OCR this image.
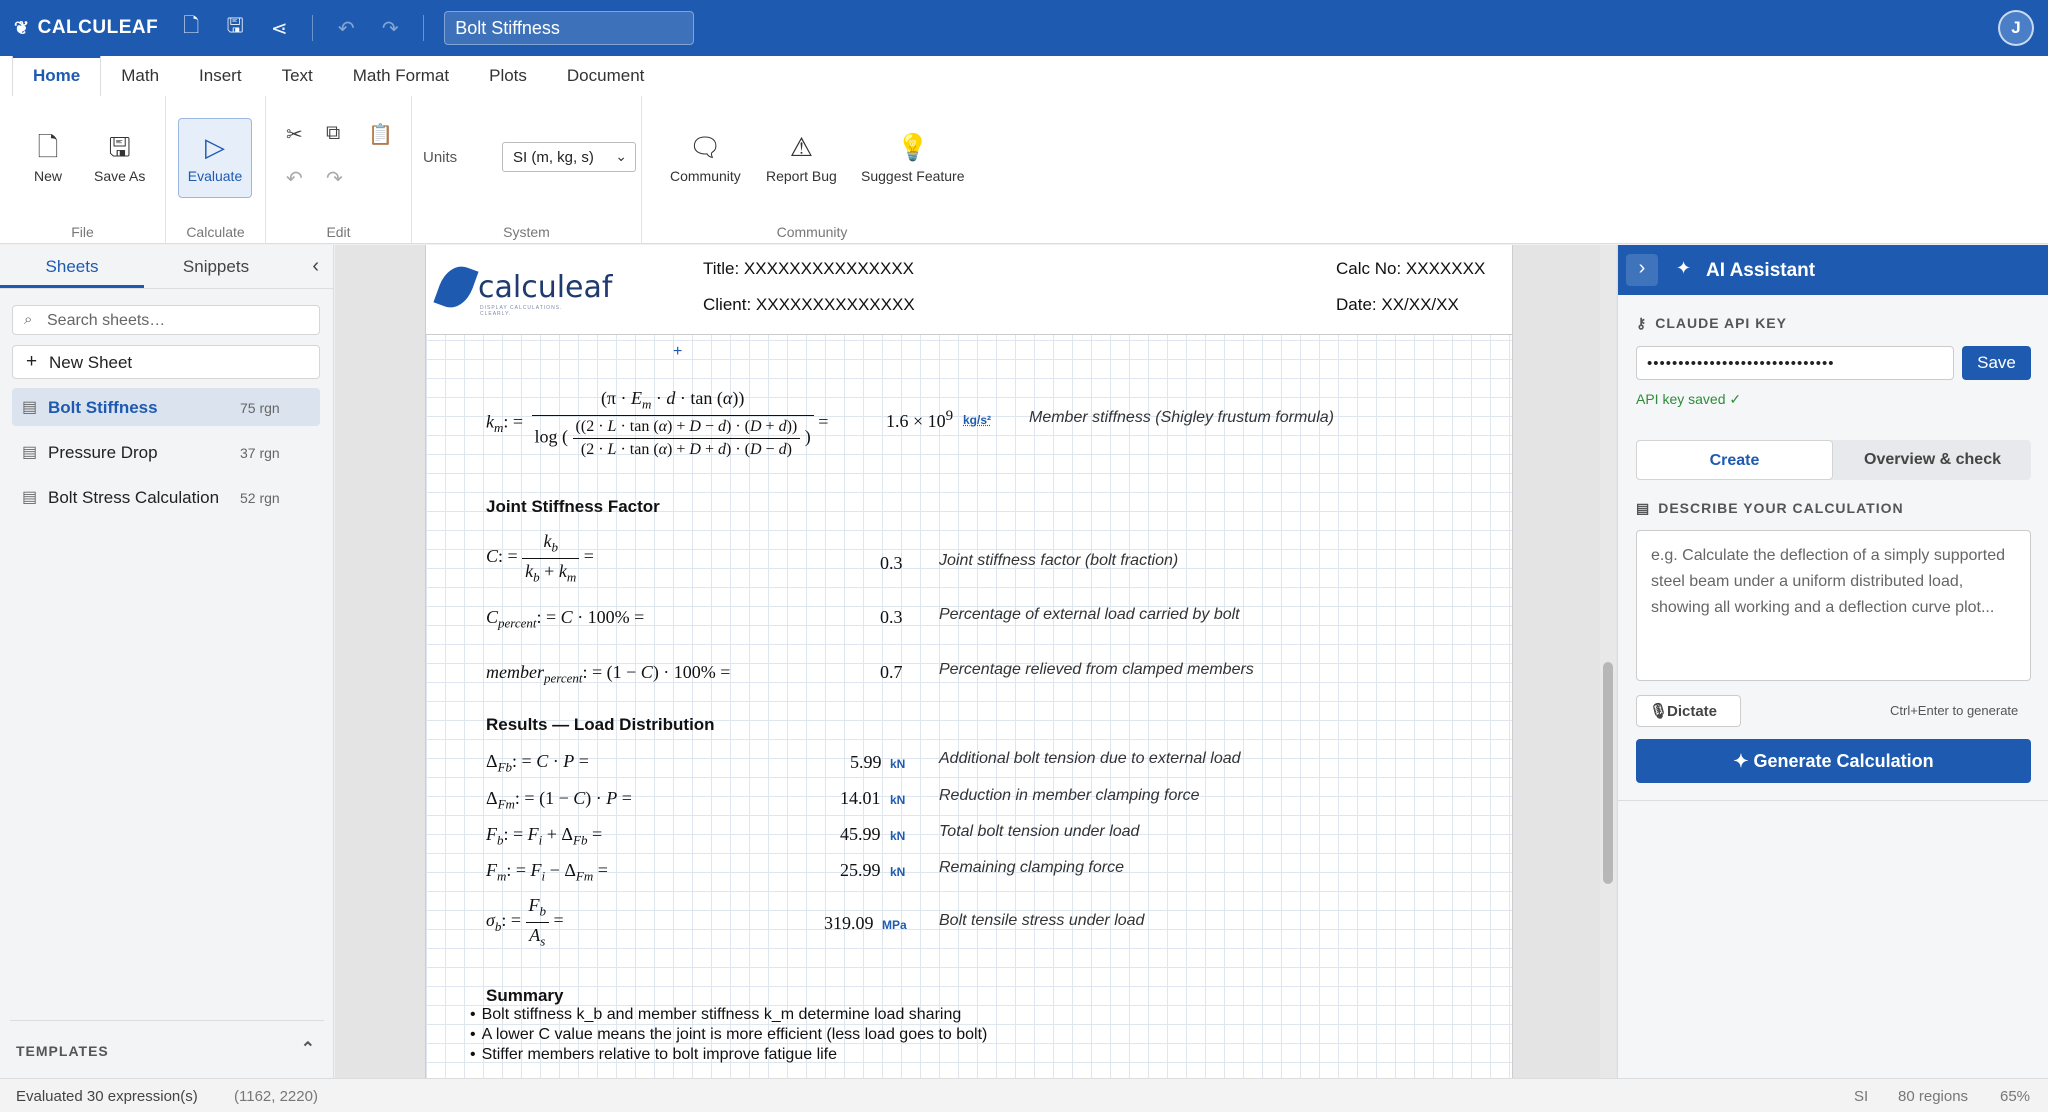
❦ CALCULEAF 🗋 🖫 ⋖	↶ ↷	Bolt Stiffness	J
Home	Math	Insert	Text	Math Format	Plots	Document
🗋
New
🖫
Save As
File
▷
Evaluate
Calculate
✂ ⧉ 📋
↶ ↷
Edit
Units	SI (m, kg, s) ⌄
System
🗨
Community
⚠
Report Bug
💡
Suggest Feature
Community
Sheets	Snippets	‹
⌕ Search sheets…
+ New Sheet
▤ Bolt Stiffness	75 rgn
▤ Pressure Drop	37 rgn
▤ Bolt Stress Calculation 52 rgn
TEMPLATES	⌃
calculeaf
DISPLAY CALCULATIONS. CLEARLY.
Title: XXXXXXXXXXXXXXX
Client: XXXXXXXXXXXXXX
Calc No: XXXXXXX
Date: XX/XX/XX
+
$k_m$: =
$(\pi \cdot E_m \cdot d \cdot \tan (\alpha))$
log ( $\frac{((2 \cdot L \cdot \tan (\alpha) + D - d) \cdot (D + d))}{(2 \cdot L \cdot \tan (\alpha) + D + d) \cdot (D - d)}$ )
=	$1.6 \times 10^9$ kg/s² Member stiffness (Shigley frustum formula)
Joint Stiffness Factor
C: = $\frac{k_b}{k_b + k_m}$ =	0.3 Joint stiffness factor (bolt fraction)
$C_{percent}$: = C · 100% =	0.3 Percentage of external load carried by bolt
member$_{percent}$: = (1 − C) · 100% =	0.7 Percentage relieved from clamped members
Results — Load Distribution
$\Delta_{Fb}$: = C · P =	5.99 kN Additional bolt tension due to external load
$\Delta_{Fm}$: = (1 − C) · P =	14.01 kN Reduction in member clamping force
$F_b$: = $F_i + \Delta_{Fb}$ =	45.99 kN Total bolt tension under load
$F_m$: = $F_i - \Delta_{Fm}$ =	25.99 kN Remaining clamping force
$\sigma_b$: = $\frac{F_b}{A_s}$ =	319.09 MPa Bolt tensile stress under load
Summary
• Bolt stiffness k_b and member stiffness k_m determine load sharing
• A lower C value means the joint is more efficient (less load goes to bolt)
• Stiffer members relative to bolt improve fatigue life
›	✦ AI Assistant
⚷ CLAUDE API KEY
••••••••••••••••••••••••••••••	Save
API key saved ✓
Create	Overview & check
▤ DESCRIBE YOUR CALCULATION
e.g. Calculate the deflection of a simply supported steel beam under a uniform distributed load, showing all working and a deflection curve plot...
🎙
Dictate	Ctrl+Enter to generate
✦ Generate Calculation
Evaluated 30 expression(s) (1162, 2220)	SI 80 regions 65%
